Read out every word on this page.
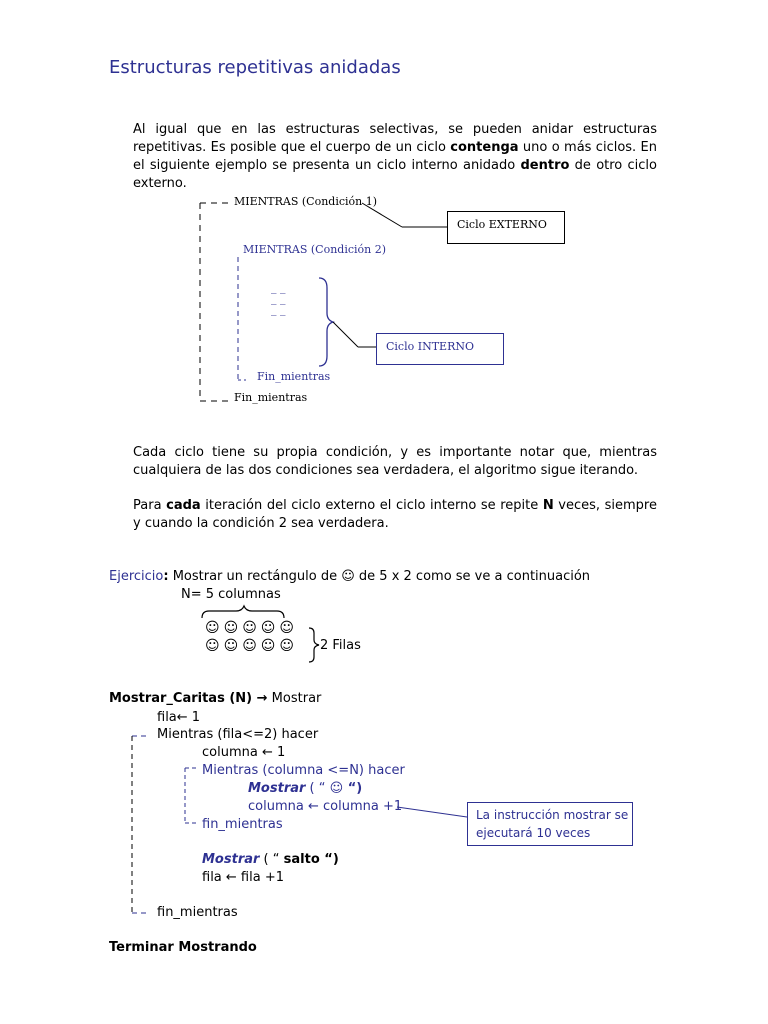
Estructuras repetitivas anidadas
Al igual que en las estructuras selectivas, se pueden anidar estructuras repetitivas. Es posible que el cuerpo de un ciclo contenga uno o más ciclos. En el siguiente ejemplo se presenta un ciclo interno anidado dentro de otro ciclo externo.
MIENTRAS (Condición 1)
Ciclo EXTERNO
MIENTRAS (Condición 2)
_ _
_ _
_ _
Ciclo INTERNO
Fin_mientras
Fin_mientras
Cada ciclo tiene su propia condición, y es importante notar que, mientras cualquiera de las dos condiciones sea verdadera, el algoritmo sigue iterando.
Para cada iteración del ciclo externo el ciclo interno se repite N veces, siempre y cuando la condición 2 sea verdadera.
Ejercicio: Mostrar un rectángulo de ☺ de 5 x 2 como se ve a continuación
N= 5 columnas
☺☺☺☺☺
☺☺☺☺☺ 2 Filas
Mostrar_Caritas (N) → Mostrar
fila← 1
Mientras (fila<=2) hacer
columna ← 1
Mientras (columna <=N) hacer
Mostrar ( “ ☺ “)
columna ← columna +1
fin_mientras
La instrucción mostrar se
ejecutará 10 veces
Mostrar ( “ salto “)
fila ← fila +1
fin_mientras
Terminar Mostrando
